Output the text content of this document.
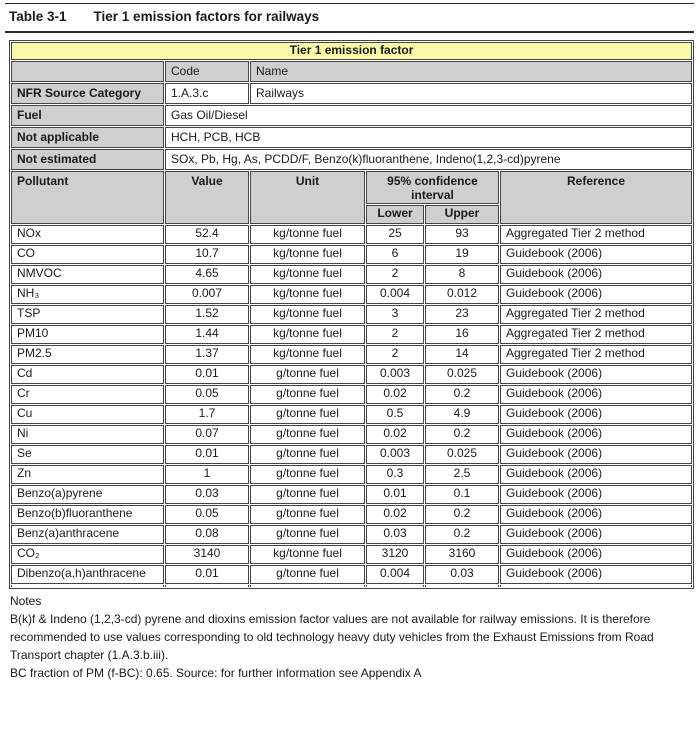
Table 3-1 Tier 1 emission factors for railways
Tier 1 emission factor					
	Code	Name			
NFR Source Category	1.A.3.c	Railways			
Fuel	Gas Oil/Diesel				
Not applicable	HCH, PCB, HCB				
Not estimated	SOx, Pb, Hg, As, PCDD/F, Benzo(k)fluoranthene, Indeno(1,2,3-cd)pyrene				
Pollutant	Value	Unit	95% confidence interval		Reference
			Lower	Upper	
NOx	52.4	kg/tonne fuel	25	93	Aggregated Tier 2 method
CO	10.7	kg/tonne fuel	6	19	Guidebook (2006)
NMVOC	4.65	kg/tonne fuel	2	8	Guidebook (2006)
NH₃	0.007	kg/tonne fuel	0.004	0.012	Guidebook (2006)
TSP	1.52	kg/tonne fuel	3	23	Aggregated Tier 2 method
PM10	1.44	kg/tonne fuel	2	16	Aggregated Tier 2 method
PM2.5	1.37	kg/tonne fuel	2	14	Aggregated Tier 2 method
Cd	0.01	g/tonne fuel	0.003	0.025	Guidebook (2006)
Cr	0.05	g/tonne fuel	0.02	0.2	Guidebook (2006)
Cu	1.7	g/tonne fuel	0.5	4.9	Guidebook (2006)
Ni	0.07	g/tonne fuel	0.02	0.2	Guidebook (2006)
Se	0.01	g/tonne fuel	0.003	0.025	Guidebook (2006)
Zn	1	g/tonne fuel	0.3	2.5	Guidebook (2006)
Benzo(a)pyrene	0.03	g/tonne fuel	0.01	0.1	Guidebook (2006)
Benzo(b)fluoranthene	0.05	g/tonne fuel	0.02	0.2	Guidebook (2006)
Benz(a)anthracene	0.08	g/tonne fuel	0.03	0.2	Guidebook (2006)
CO₂	3140	kg/tonne fuel	3120	3160	Guidebook (2006)
Dibenzo(a,h)anthracene	0.01	g/tonne fuel	0.004	0.03	Guidebook (2006)

Notes
B(k)f & Indeno (1,2,3-cd) pyrene and dioxins emission factor values are not available for railway emissions. It is therefore recommended to use values corresponding to old technology heavy duty vehicles from the Exhaust Emissions from Road Transport chapter (1.A.3.b.iii).
BC fraction of PM (f-BC): 0.65. Source: for further information see Appendix A
